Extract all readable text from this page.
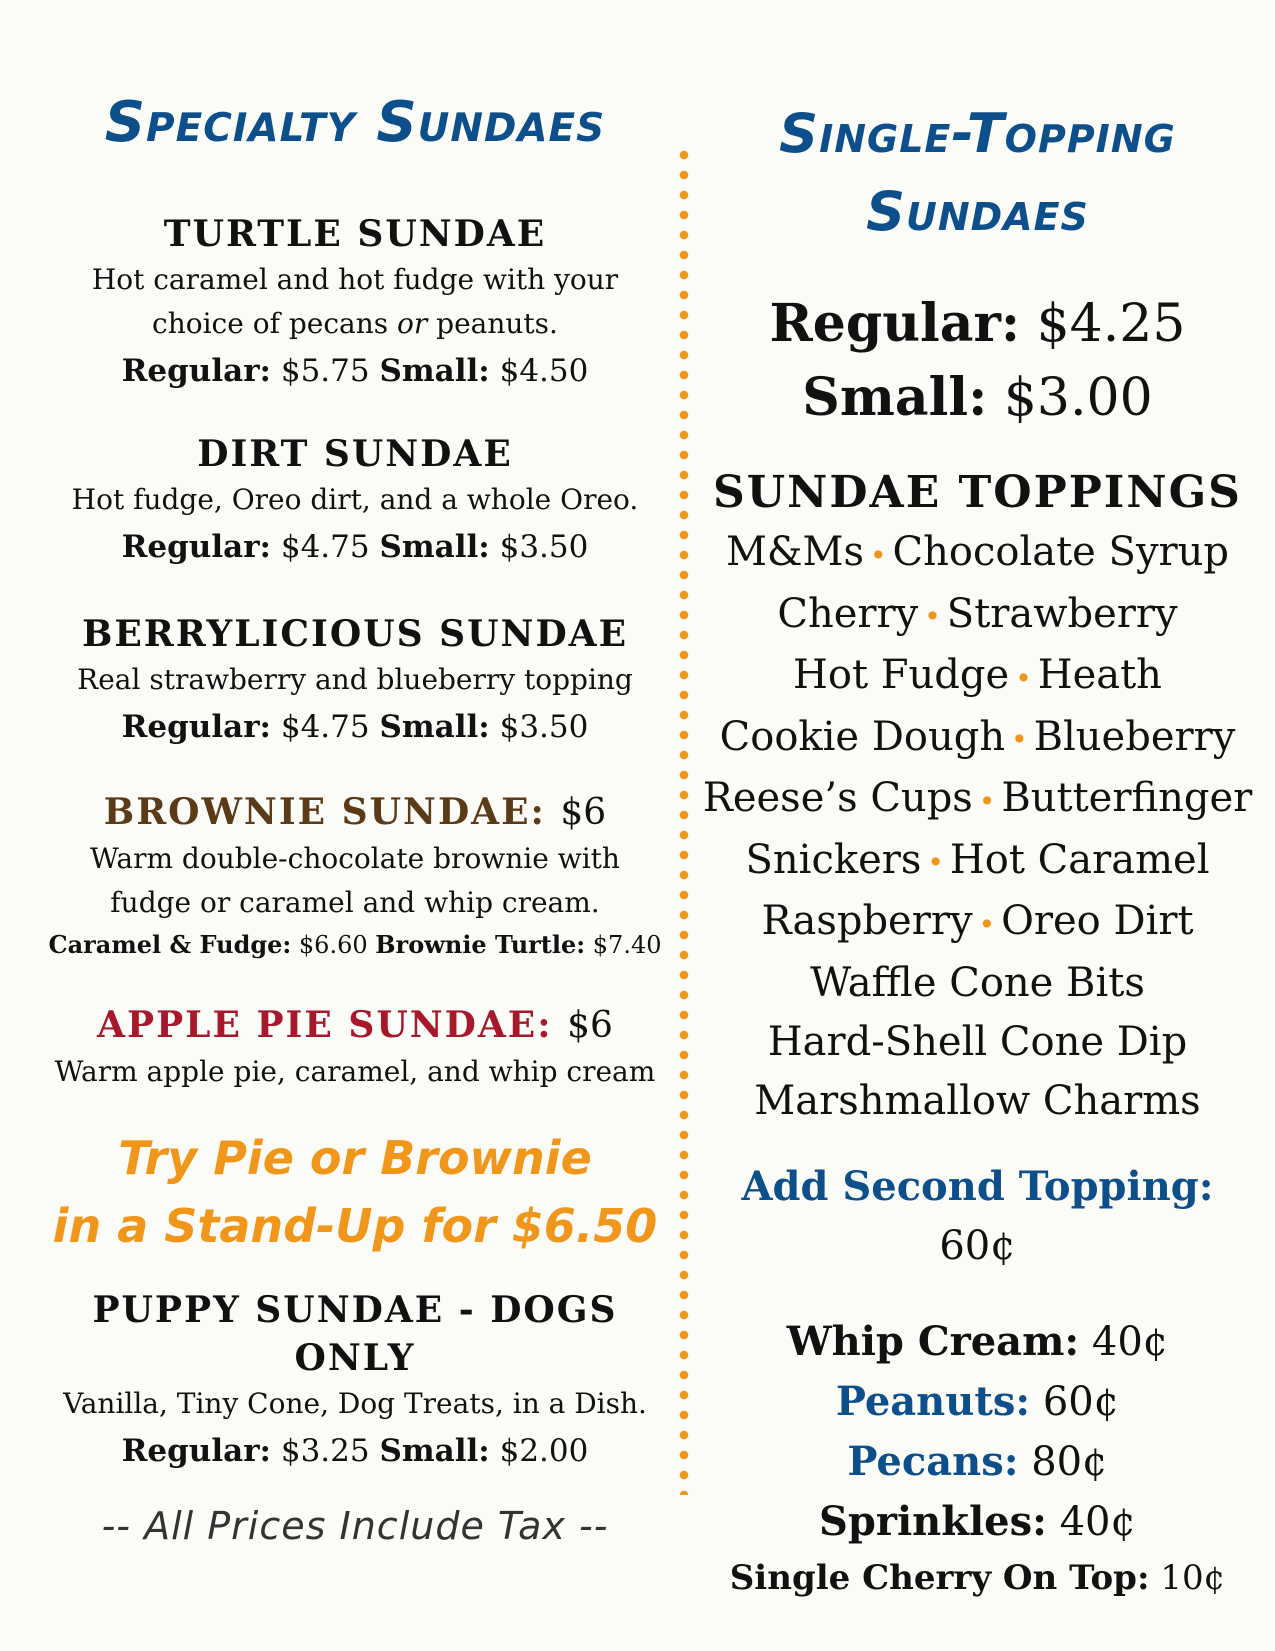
Specialty Sundaes
TURTLE SUNDAE
Hot caramel and hot fudge with your
choice of pecans or peanuts.
Regular: $5.75 Small: $4.50
DIRT SUNDAE
Hot fudge, Oreo dirt, and a whole Oreo.
Regular: $4.75 Small: $3.50
BERRYLICIOUS SUNDAE
Real strawberry and blueberry topping
Regular: $4.75 Small: $3.50
BROWNIE SUNDAE: $6
Warm double-chocolate brownie with
fudge or caramel and whip cream.
Caramel & Fudge: $6.60 Brownie Turtle: $7.40
APPLE PIE SUNDAE: $6
Warm apple pie, caramel, and whip cream
Try Pie or Brownie
in a Stand-Up for $6.50
PUPPY SUNDAE - DOGS ONLY
Vanilla, Tiny Cone, Dog Treats, in a Dish.
Regular: $3.25 Small: $2.00
-- All Prices Include Tax --
Single-Topping
Sundaes
Regular: $4.25
Small: $3.00
SUNDAE TOPPINGS
M&Ms • Chocolate Syrup
Cherry • Strawberry
Hot Fudge • Heath
Cookie Dough • Blueberry
Reese’s Cups • Butterfinger
Snickers • Hot Caramel
Raspberry • Oreo Dirt
Waffle Cone Bits
Hard-Shell Cone Dip
Marshmallow Charms
Add Second Topping: 60¢
Whip Cream: 40¢
Peanuts: 60¢
Pecans: 80¢
Sprinkles: 40¢
Single Cherry On Top: 10¢
